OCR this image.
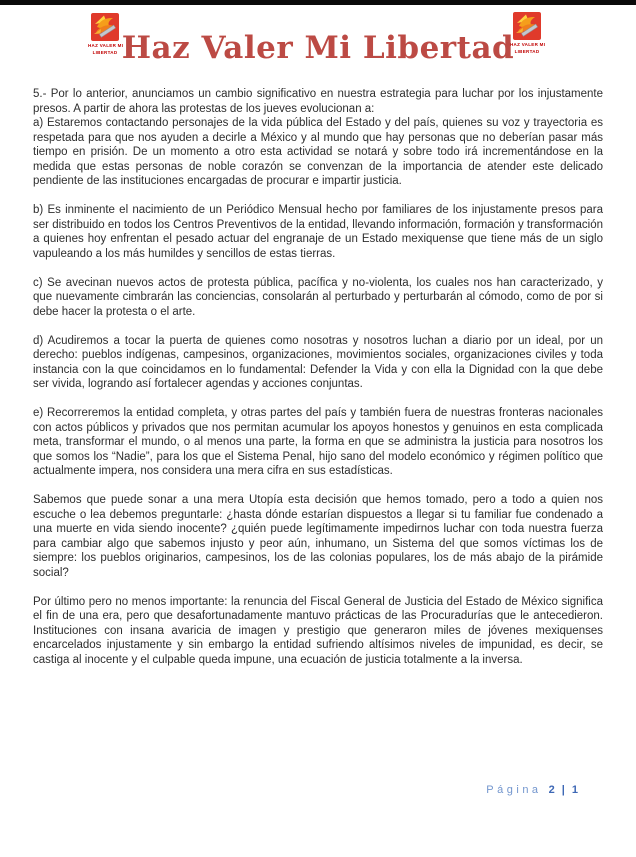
HAZ VALER MI
LIBERTAD
HAZ VALER MI
LIBERTAD
Haz Valer Mi Libertad
5.- Por lo anterior, anunciamos un cambio significativo en nuestra estrategia para luchar por los injustamente presos. A partir de ahora las protestas de los jueves evolucionan a:
a) Estaremos contactando personajes de la vida pública del Estado y del país, quienes su voz y trayectoria es respetada para que nos ayuden a decirle a México y al mundo que hay personas que no deberían pasar más tiempo en prisión. De un momento a otro esta actividad se notará y sobre todo irá incrementándose en la medida que estas personas de noble corazón se convenzan de la importancia de atender este delicado pendiente de las instituciones encargadas de procurar e impartir justicia.
b) Es inminente el nacimiento de un Periódico Mensual hecho por familiares de los injustamente presos para ser distribuido en todos los Centros Preventivos de la entidad, llevando información, formación y transformación a quienes hoy enfrentan el pesado actuar del engranaje de un Estado mexiquense que tiene más de un siglo vapuleando a los más humildes y sencillos de estas tierras.
c) Se avecinan nuevos actos de protesta pública, pacífica y no-violenta, los cuales nos han caracterizado, y que nuevamente cimbrarán las conciencias, consolarán al perturbado y perturbarán al cómodo, como de por si debe hacer la protesta o el arte.
d) Acudiremos a tocar la puerta de quienes como nosotras y nosotros luchan a diario por un ideal, por un derecho: pueblos indígenas, campesinos, organizaciones, movimientos sociales, organizaciones civiles y toda instancia con la que coincidamos en lo fundamental: Defender la Vida y con ella la Dignidad con la que debe ser vivida, logrando así fortalecer agendas y acciones conjuntas.
e) Recorreremos la entidad completa, y otras partes del país y también fuera de nuestras fronteras nacionales con actos públicos y privados que nos permitan acumular los apoyos honestos y genuinos en esta complicada meta, transformar el mundo, o al menos una parte, la forma en que se administra la justicia para nosotros los que somos los “Nadie”, para los que el Sistema Penal, hijo sano del modelo económico y régimen político que actualmente impera, nos considera una mera cifra en sus estadísticas.
Sabemos que puede sonar a una mera Utopía esta decisión que hemos tomado, pero a todo a quien nos escuche o lea debemos preguntarle: ¿hasta dónde estarían dispuestos a llegar si tu familiar fue condenado a una muerte en vida siendo inocente? ¿quién puede legítimamente impedirnos luchar con toda nuestra fuerza para cambiar algo que sabemos injusto y peor aún, inhumano, un Sistema del que somos víctimas los de siempre: los pueblos originarios, campesinos, los de las colonias populares, los de más abajo de la pirámide social?
Por último pero no menos importante: la renuncia del Fiscal General de Justicia del Estado de México significa el fin de una era, pero que desafortunadamente mantuvo prácticas de las Procuradurías que le antecedieron. Instituciones con insana avaricia de imagen y prestigio que generaron miles de jóvenes mexiquenses encarcelados injustamente y sin embargo la entidad sufriendo altísimos niveles de impunidad, es decir, se castiga al inocente y el culpable queda impune, una ecuación de justicia totalmente a la inversa.
Página 2 | 1
